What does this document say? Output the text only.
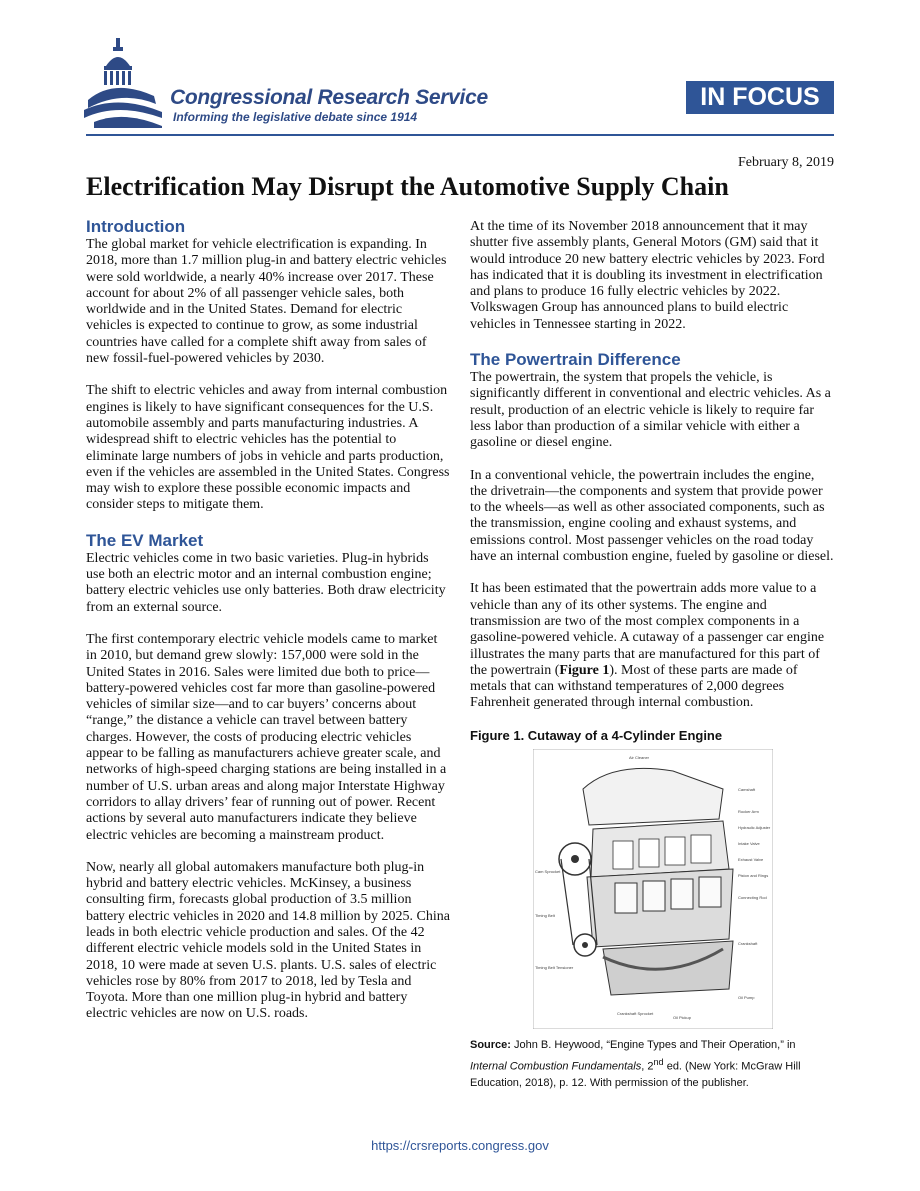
Congressional Research Service
Informing the legislative debate since 1914
IN FOCUS
February 8, 2019
Electrification May Disrupt the Automotive Supply Chain
Introduction

The global market for vehicle electrification is expanding. In 2018, more than 1.7 million plug-in and battery electric vehicles were sold worldwide, a nearly 40% increase over 2017. These account for about 2% of all passenger vehicle sales, both worldwide and in the United States. Demand for electric vehicles is expected to continue to grow, as some industrial countries have called for a complete shift away from sales of new fossil-fuel-powered vehicles by 2030.

The shift to electric vehicles and away from internal combustion engines is likely to have significant consequences for the U.S. automobile assembly and parts manufacturing industries. A widespread shift to electric vehicles has the potential to eliminate large numbers of jobs in vehicle and parts production, even if the vehicles are assembled in the United States. Congress may wish to explore these possible economic impacts and consider steps to mitigate them.

The EV Market

Electric vehicles come in two basic varieties. Plug-in hybrids use both an electric motor and an internal combustion engine; battery electric vehicles use only batteries. Both draw electricity from an external source.

The first contemporary electric vehicle models came to market in 2010, but demand grew slowly: 157,000 were sold in the United States in 2016. Sales were limited due both to price—battery-powered vehicles cost far more than gasoline-powered vehicles of similar size—and to car buyers’ concerns about “range,” the distance a vehicle can travel between battery charges. However, the costs of producing electric vehicles appear to be falling as manufacturers achieve greater scale, and networks of high-speed charging stations are being installed in a number of U.S. urban areas and along major Interstate Highway corridors to allay drivers’ fear of running out of power. Recent actions by several auto manufacturers indicate they believe electric vehicles are becoming a mainstream product.

Now, nearly all global automakers manufacture both plug-in hybrid and battery electric vehicles. McKinsey, a business consulting firm, forecasts global production of 3.5 million battery electric vehicles in 2020 and 14.8 million by 2025. China leads in both electric vehicle production and sales. Of the 42 different electric vehicle models sold in the United States in 2018, 10 were made at seven U.S. plants. U.S. sales of electric vehicles rose by 80% from 2017 to 2018, led by Tesla and Toyota. More than one million plug-in hybrid and battery electric vehicles are now on U.S. roads.

At the time of its November 2018 announcement that it may shutter five assembly plants, General Motors (GM) said that it would introduce 20 new battery electric vehicles by 2023. Ford has indicated that it is doubling its investment in electrification and plans to produce 16 fully electric vehicles by 2022. Volkswagen Group has announced plans to build electric vehicles in Tennessee starting in 2022.

The Powertrain Difference

The powertrain, the system that propels the vehicle, is significantly different in conventional and electric vehicles. As a result, production of an electric vehicle is likely to require far less labor than production of a similar vehicle with either a gasoline or diesel engine.

In a conventional vehicle, the powertrain includes the engine, the drivetrain—the components and system that provide power to the wheels—as well as other associated components, such as the transmission, engine cooling and exhaust systems, and emissions control. Most passenger vehicles on the road today have an internal combustion engine, fueled by gasoline or diesel.

It has been estimated that the powertrain adds more value to a vehicle than any of its other systems. The engine and transmission are two of the most complex components in a gasoline-powered vehicle. A cutaway of a passenger car engine illustrates the many parts that are manufactured for this part of the powertrain (Figure 1). Most of these parts are made of metals that can withstand temperatures of 2,000 degrees Fahrenheit generated through internal combustion.

Figure 1. Cutaway of a 4-Cylinder Engine
Air Cleaner
Camshaft
Rocker Arm
Hydraulic Adjuster
Intake Valve
Exhaust Valve
Piston and Rings
Connecting Rod
Crankshaft
Oil Pump
Oil Pickup
Crankshaft Sprocket
Timing Belt Tensioner
Timing Belt
Cam Sprocket
Source: John B. Heywood, “Engine Types and Their Operation,” in Internal Combustion Fundamentals, 2nd ed. (New York: McGraw Hill Education, 2018), p. 12. With permission of the publisher.
https://crsreports.congress.gov
